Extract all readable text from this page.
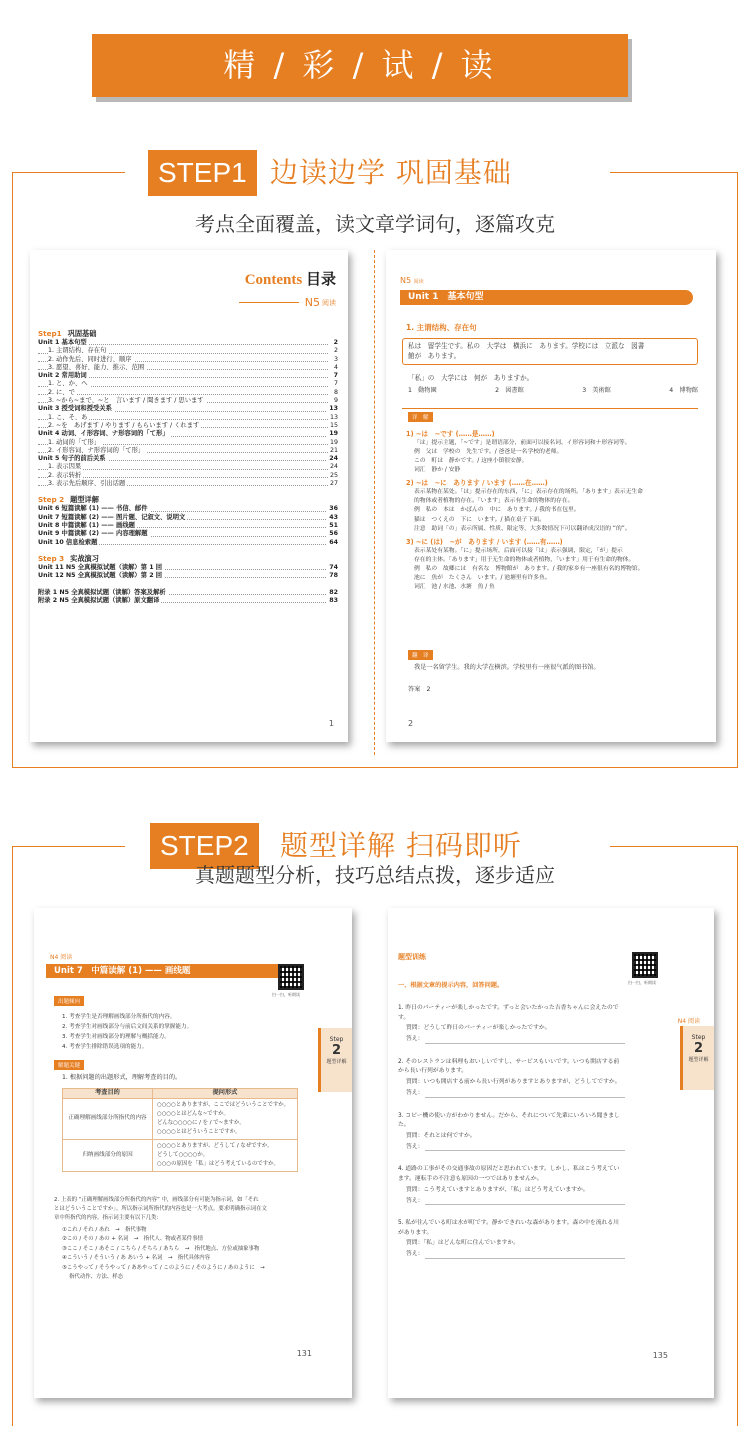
精 / 彩 / 试 / 读
STEP1 边读边学 巩固基础
考点全面覆盖，读文章学词句，逐篇攻克
Contents 目录
N5 阅读
Step1 巩固基础
Unit 1 基本句型	2
1. 主谓结构、存在句	2
2. 动作先后、同时进行、顺序	3
3. 愿望、喜好、能力、推示、范围	4
Unit 2 常用助词	7
1. と、か、へ	7
2. に、で	8
3. ~から~まで、~と　言います / 聞きます / 思います	9
Unit 3 授受词和授受关系	13
1. こ、そ、あ	13
2. ~を　あげます / やります / もらいます / くれます	15
Unit 4 动词、イ形容词、ナ形容词的「て形」	19
1. 动词的「て形」	19
2. イ形容词、ナ形容词的「て形」	21
Unit 5 句子的前后关系	24
1. 表示因果	24
2. 表示转折	25
3. 表示先后顺序、引出话题	27
Step 2 题型详解
Unit 6 短篇读解 (1) —— 书信、邮件	36
Unit 7 短篇读解 (2) —— 图片题、记叙文、说明文	43
Unit 8 中篇读解 (1) —— 画线题	51
Unit 9 中篇读解 (2) —— 内容理解题	56
Unit 10 信息检索题	64
Step 3 实战演习
Unit 11 N5 全真模拟试题（读解）第 1 回	74
Unit 12 N5 全真模拟试题（读解）第 2 回	78
附录 1 N5 全真模拟试题（读解）答案及解析	82
附录 2 N5 全真模拟试题（读解）原文翻译	83
1
N5 阅读
Unit 1　基本句型
1. 主谓结构、存在句
私は　留学生です。私の　大学は　横浜に　あります。学校には　立派な　図書
館が　あります。
「私」の　大学には　何が　ありますか。
1　動物園	2　図書館	3　美術館	4　博物館
详　解
1) ~は　~です (……是……)
「は」提示主题，「~です」是谓语部分，前面可以接名词、イ形容词和ナ形容词等。
例　父は　学校の　先生です。/ 爸爸是一名学校的老师。
この　町は　静かです。/ 这座小镇很安静。
词汇　静か / 安静
2) ~は　~に　あります / います (……在……)
表示某物在某处。「は」提示存在的东西，「に」表示存在的场所。「あります」表示无生命
的物体或者植物的存在。「います」表示有生命的物体的存在。
例　私の　本は　かばんの　中に　あります。/ 我的书在包里。
猫は　つくえの　下に　います。/ 猫在桌子下面。
注意　助词「の」表示所属、性质、限定等，大多数情况下可以翻译成汉语的 “的”。
3) ~に (は)　~が　あります / います (……有……)
表示某处有某物。「に」提示场所，后面可以接「は」表示强调、限定，「が」提示
存在的主体。「あります」用于无生命的物体或者植物，「います」用于有生命的物体。
例　私の　故郷には　有名な　博物館が　あります。/ 我的家乡有一座很有名的博物馆。
池に　魚が　たくさん　います。/ 池塘里有许多鱼。
词汇　池 / 水池、水塘　魚 / 鱼
翻　译
我是一名留学生。我的大学在横滨。学校里有一座很气派的图书馆。
答案　2
2
STEP2	题型详解 扫码即听
真题题型分析，技巧总结点拨，逐步适应
N4 阅读
Unit 7　中篇读解 (1) —— 画线题
扫一扫，听朗读
出题倾向
1. 考查学生是否理解画线部分所指代的内容。
2. 考查学生对画线部分与前后文间关系的掌握能力。
3. 考查学生对画线部分的理解与概括能力。
4. 考查学生排除错误选项的能力。
解题关键
1. 根据问题的出题形式，理解考查的目的。
考查目的	提问形式
正确理解画线部分所指代的内容	○○○○とありますが、ここではどういうことですか。
○○○○とはどんな~ですか。
どんな○○○○に / を / で~ますか。
○○○○とはどういうことですか。

归纳画线部分的原因	○○○○とありますが、どうして / なぜですか。
どうして○○○○か。
○○○の原因を「私」はどう考えているのですか。
2. 上表的 “正确理解画线部分所指代的内容” 中，画线部分有可能为指示词，如「それ
とはどういうことですか」。所以指示词所指代的内容也是一大考点。要求明确指示词在文
章中所指代的内容。指示词主要有以下几类：
①これ / それ / あれ　→　指代事物
②この / その / あの + 名词　→　指代人、物或者某件事情
③ここ / そこ / あそこ / こちら / そちら / あちら　→　指代地点、方位或抽象事物
④こういう / そういう / あ あいう + 名词　→　指代具体内容
⑤こうやって / そうやって / ああやって / このように / そのように / あのように　→
　 指代动作、方法、样态
Step
2
题型详解
131
题型训练
扫一扫，听朗读
N4 阅读
一、根据文章的提示内容，回答问题。
Step
2
题型详解
1. 昨日のパーティーが楽しかったです。ずっと会いたかった吉香ちゃんに会えたので
す。
質問：どうして昨日のパーティーが楽しかったですか。
答え：
2. そのレストランは料理もおいしいですし、サービスもいいです。いつも開店する前
から長い行列があります。
質問：いつも開店する前から長い行列がありますとありますが、どうしてですか。
答え：
3. コピー機の使い方がわかりません。だから、それについて先輩にいろいろ聞きまし
た。
質問：それとは何ですか。
答え：
4. 道路の工事がその交通事故の原因だと思われています。しかし、私はこう考えてい
ます。運転手の不注意も原因の一つではありませんか。
質問：こう考えていますとありますが、「私」はどう考えていますか。
答え：
5. 私が住んでいる町は水が町です。静かできれいな森があります。森の中を流れる川
があります。
質問：「私」はどんな町に住んでいますか。
答え：
135
